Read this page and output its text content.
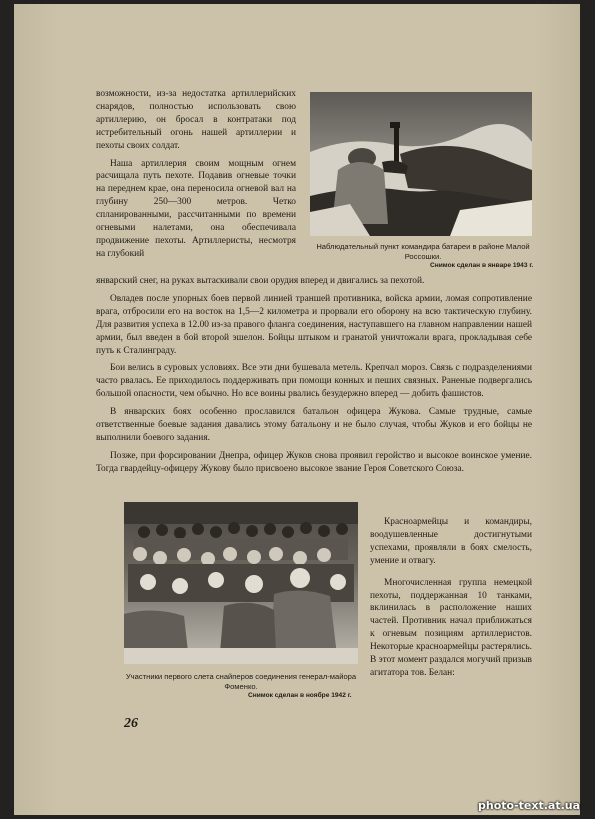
возможности, из-за недостатка артиллерийских снарядов, полностью использовать свою артиллерию, он бросал в контратаки под истребительный огонь нашей артиллерии и пехоты своих солдат.

Наша артиллерия своим мощным огнем расчищала путь пехоте. Подавив огневые точки на переднем крае, она переносила огневой вал на глубину 250—300 метров. Четко спланированными, рассчитанными по времени огневыми налетами, она обеспечивала продвижение пехоты. Артиллеристы, несмотря на глубокий

Наблюдательный пункт командира батареи в районе Малой Россошки.

Снимок сделан в январе 1943 г.

январский снег, на руках вытаскивали свои орудия вперед и двигались за пехотой.

Овладев после упорных боев первой линией траншей противника, войска армии, ломая сопротивление врага, отбросили его на восток на 1,5—2 километра и прорвали его оборону на всю тактическую глубину. Для развития успеха в 12.00 из-за правого фланга соединения, наступавшего на главном направлении нашей армии, был введен в бой второй эшелон. Бойцы штыком и гранатой уничтожали врага, прокладывая себе путь к Сталинграду.

Бои велись в суровых условиях. Все эти дни бушевала метель. Крепчал мороз. Связь с подразделениями часто рвалась. Ее приходилось поддерживать при помощи конных и пеших связных. Раненые подвергались большой опасности, чем обычно. Но все воины рвались безудержно вперед — добить фашистов.

В январских боях особенно прославился батальон офицера Жукова. Самые трудные, самые ответственные боевые задания давались этому батальону и не было случая, чтобы Жуков и его бойцы не выполнили боевого задания.

Позже, при форсировании Днепра, офицер Жуков снова проявил геройство и высокое воинское умение. Тогда гвардейцу-офицеру Жукову было присвоено высокое звание Героя Советского Союза.

Участники первого слета снайперов соединения генерал-майора Фоменко.

Снимок сделан в ноябре 1942 г.

Красноармейцы и командиры, воодушевленные достигнутыми успехами, проявляли в боях смелость, умение и отвагу.

Многочисленная группа немецкой пехоты, поддержанная 10 танками, вклинилась в расположение наших частей. Противник начал приближаться к огневым позициям артиллеристов. Некоторые красноармейцы растерялись. В этот момент раздался могучий призыв агитатора тов. Белан:

26

photo-text.at.ua
